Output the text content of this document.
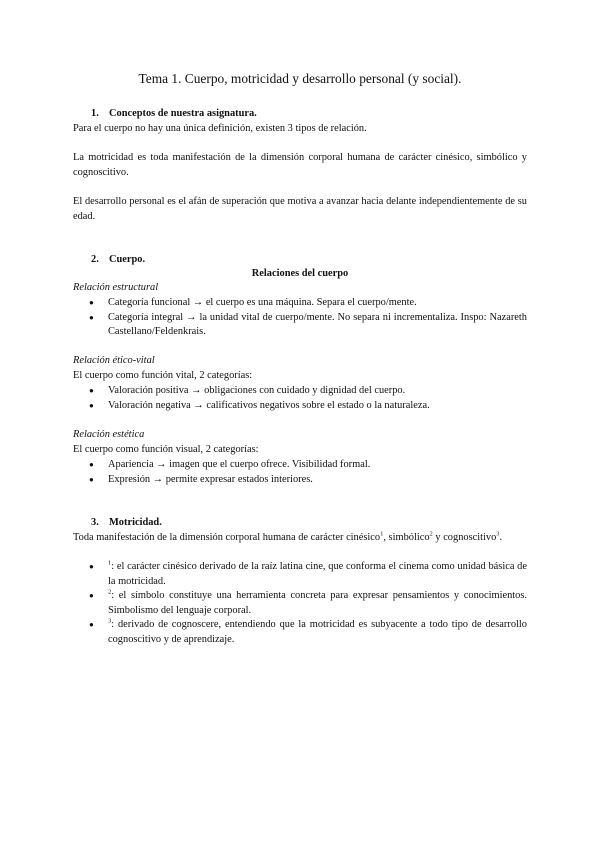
Tema 1. Cuerpo, motricidad y desarrollo personal (y social).
1. Conceptos de nuestra asignatura.
Para el cuerpo no hay una única definición, existen 3 tipos de relación.
La motricidad es toda manifestación de la dimensión corporal humana de carácter cinésico, simbólico y cognoscitivo.
El desarrollo personal es el afán de superación que motiva a avanzar hacia delante independientemente de su edad.
2. Cuerpo.
Relaciones del cuerpo
Relación estructural
● Categoría funcional → el cuerpo es una máquina. Separa el cuerpo/mente.
● Categoría integral → la unidad vital de cuerpo/mente. No separa ni incrementaliza. Inspo: Nazareth Castellano/Feldenkrais.
Relación ético-vital
El cuerpo como función vital, 2 categorías:
● Valoración positiva → obligaciones con cuidado y dignidad del cuerpo.
● Valoración negativa → calificativos negativos sobre el estado o la naturaleza.
Relación estética
El cuerpo como función visual, 2 categorías:
● Apariencia → imagen que el cuerpo ofrece. Visibilidad formal.
● Expresión → permite expresar estados interiores.
3. Motricidad.
Toda manifestación de la dimensión corporal humana de carácter cinésico$^1$, simbólico$^2$ y cognoscitivo$^3$.
● $^1$: el carácter cinésico derivado de la raíz latina cine, que conforma el cinema como unidad básica de la motricidad.
● $^2$: el símbolo constituye una herramienta concreta para expresar pensamientos y conocimientos. Simbolismo del lenguaje corporal.
● $^3$: derivado de cognoscere, entendiendo que la motricidad es subyacente a todo tipo de desarrollo cognoscitivo y de aprendizaje.
